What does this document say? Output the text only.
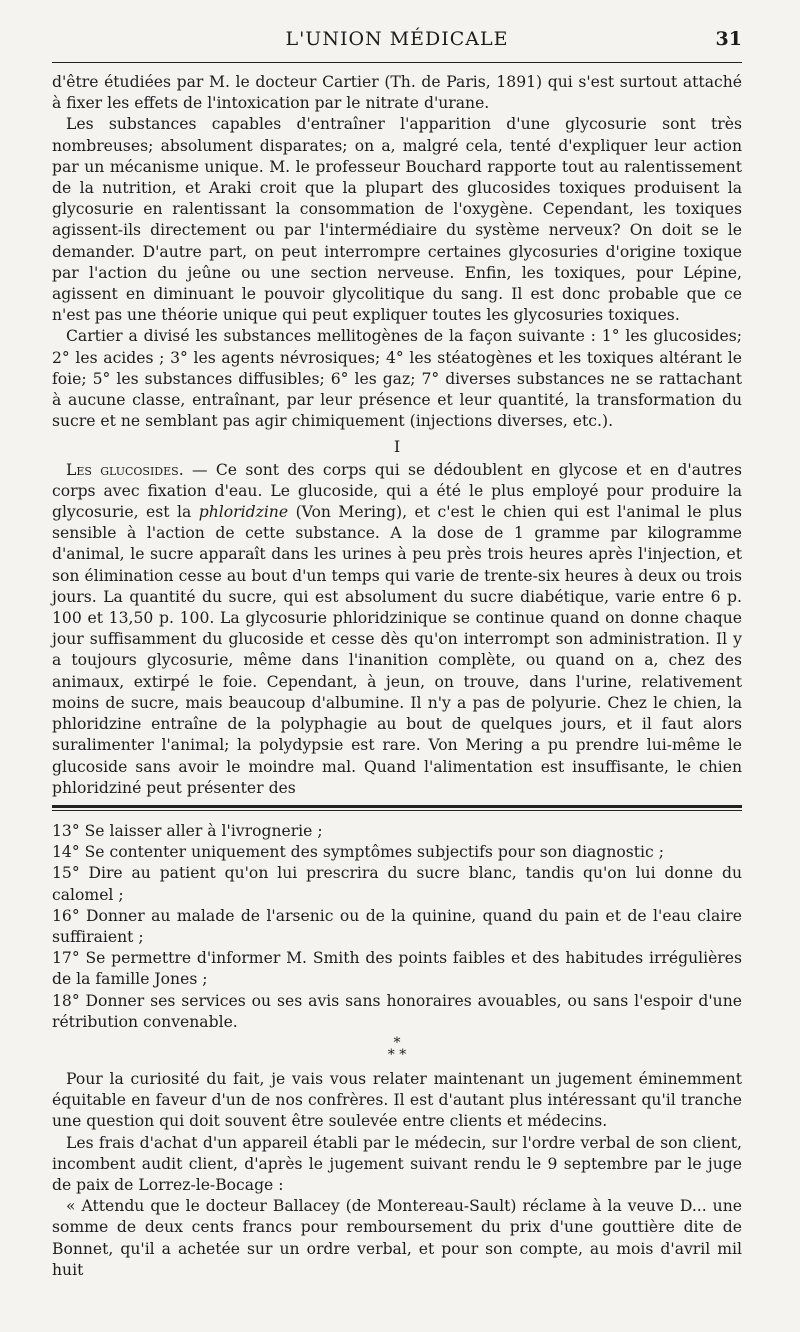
L'UNION MÉDICALE	31

d'être étudiées par M. le docteur Cartier (Th. de Paris, 1891) qui s'est surtout attaché à fixer les effets de l'intoxication par le nitrate d'urane.

Les substances capables d'entraîner l'apparition d'une glycosurie sont très nombreuses; absolument disparates; on a, malgré cela, tenté d'expliquer leur action par un mécanisme unique. M. le professeur Bouchard rapporte tout au ralentissement de la nutrition, et Araki croit que la plupart des glucosides toxiques produisent la glycosurie en ralentissant la consommation de l'oxygène. Cependant, les toxiques agissent-ils directement ou par l'intermédiaire du système nerveux? On doit se le demander. D'autre part, on peut interrompre certaines glycosuries d'origine toxique par l'action du jeûne ou une section nerveuse. Enfin, les toxiques, pour Lépine, agissent en diminuant le pouvoir glycolitique du sang. Il est donc probable que ce n'est pas une théorie unique qui peut expliquer toutes les glycosuries toxiques.

Cartier a divisé les substances mellitogènes de la façon suivante : 1° les glucosides; 2° les acides ; 3° les agents névrosiques; 4° les stéatogènes et les toxiques altérant le foie; 5° les substances diffusibles; 6° les gaz; 7° diverses substances ne se rattachant à aucune classe, entraînant, par leur présence et leur quantité, la transformation du sucre et ne semblant pas agir chimiquement (injections diverses, etc.).

I

Les glucosides. — Ce sont des corps qui se dédoublent en glycose et en d'autres corps avec fixation d'eau. Le glucoside, qui a été le plus employé pour produire la glycosurie, est la phloridzine (Von Mering), et c'est le chien qui est l'animal le plus sensible à l'action de cette substance. A la dose de 1 gramme par kilogramme d'animal, le sucre apparaît dans les urines à peu près trois heures après l'injection, et son élimination cesse au bout d'un temps qui varie de trente-six heures à deux ou trois jours. La quantité du sucre, qui est absolument du sucre diabétique, varie entre 6 p. 100 et 13,50 p. 100. La glycosurie phloridzinique se continue quand on donne chaque jour suffisamment du glucoside et cesse dès qu'on interrompt son administration. Il y a toujours glycosurie, même dans l'inanition complète, ou quand on a, chez des animaux, extirpé le foie. Cependant, à jeun, on trouve, dans l'urine, relativement moins de sucre, mais beaucoup d'albumine. Il n'y a pas de polyurie. Chez le chien, la phloridzine entraîne de la polyphagie au bout de quelques jours, et il faut alors suralimenter l'animal; la polydypsie est rare. Von Mering a pu prendre lui-même le glucoside sans avoir le moindre mal. Quand l'alimentation est insuffisante, le chien phloridziné peut présenter des

13° Se laisser aller à l'ivrognerie ;

14° Se contenter uniquement des symptômes subjectifs pour son diagnostic ;

15° Dire au patient qu'on lui prescrira du sucre blanc, tandis qu'on lui donne du calomel ;

16° Donner au malade de l'arsenic ou de la quinine, quand du pain et de l'eau claire suffiraient ;

17° Se permettre d'informer M. Smith des points faibles et des habitudes irrégulières de la famille Jones ;

18° Donner ses services ou ses avis sans honoraires avouables, ou sans l'espoir d'une rétribution convenable.

*
* *

Pour la curiosité du fait, je vais vous relater maintenant un jugement éminemment équitable en faveur d'un de nos confrères. Il est d'autant plus intéressant qu'il tranche une question qui doit souvent être soulevée entre clients et médecins.

Les frais d'achat d'un appareil établi par le médecin, sur l'ordre verbal de son client, incombent audit client, d'après le jugement suivant rendu le 9 septembre par le juge de paix de Lorrez-le-Bocage :

« Attendu que le docteur Ballacey (de Montereau-Sault) réclame à la veuve D... une somme de deux cents francs pour remboursement du prix d'une gouttière dite de Bonnet, qu'il a achetée sur un ordre verbal, et pour son compte, au mois d'avril mil huit
